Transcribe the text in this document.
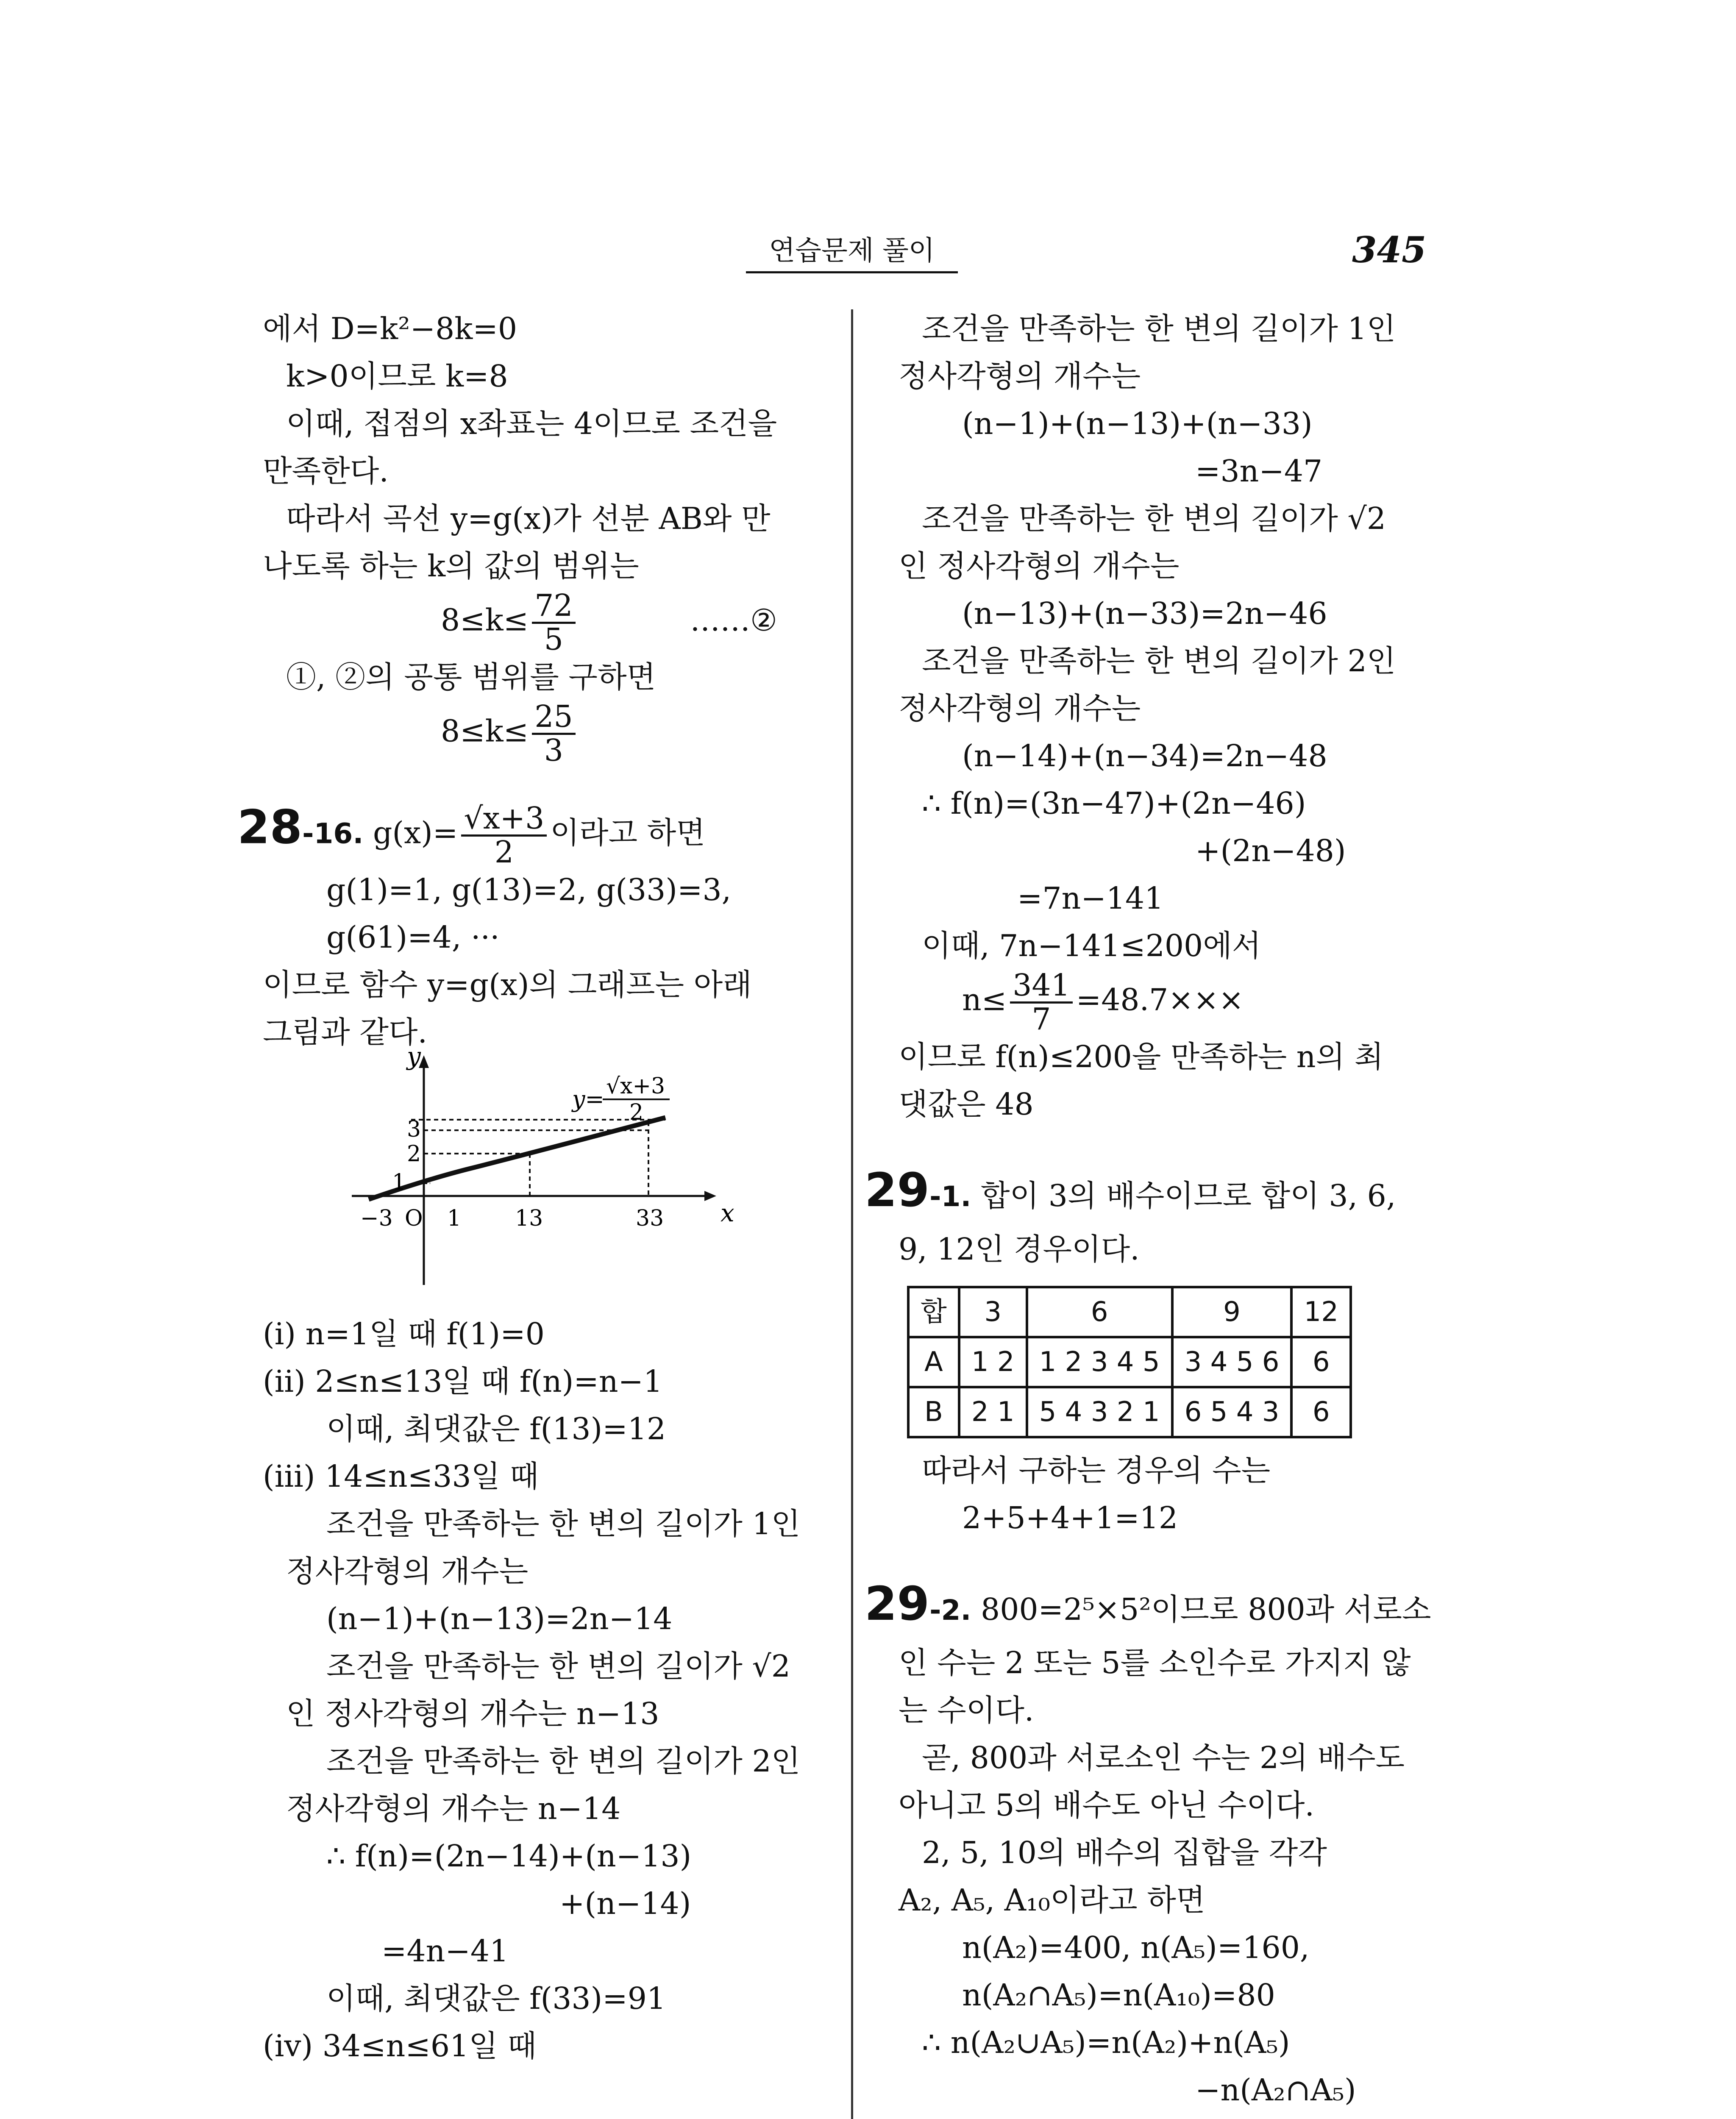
연습문제 풀이	345
에서 D=k²−8k=0
k>0이므로 k=8
이때, 접점의 x좌표는 4이므로 조건을
만족한다.
따라서 곡선 y=g(x)가 선분 AB와 만
나도록 하는 k의 값의 범위는
$8\le k\le \frac{72}{5}$	……②
①, ②의 공통 범위를 구하면
$8\le k\le \frac{25}{3}$
28-16. $g(x)= \frac{√x+3}{2}$ 이라고 하면
g(1)=1, g(13)=2, g(33)=3,
g(61)=4, ···
이므로 함수 y=g(x)의 그래프는 아래
그림과 같다.
y
x
3
2
1
−3 O 1 13	33
y= √x+3
2
(i) n=1일 때 f(1)=0
(ii) 2≤n≤13일 때 f(n)=n−1
이때, 최댓값은 f(13)=12
(iii) 14≤n≤33일 때
조건을 만족하는 한 변의 길이가 1인
정사각형의 개수는
(n−1)+(n−13)=2n−14
조건을 만족하는 한 변의 길이가 √2
인 정사각형의 개수는 n−13
조건을 만족하는 한 변의 길이가 2인
정사각형의 개수는 n−14
∴ f(n)=(2n−14)+(n−13)
+(n−14)
=4n−41
이때, 최댓값은 f(33)=91
(iv) 34≤n≤61일 때
조건을 만족하는 한 변의 길이가 1인
정사각형의 개수는
(n−1)+(n−13)+(n−33)
=3n−47
조건을 만족하는 한 변의 길이가 √2
인 정사각형의 개수는
(n−13)+(n−33)=2n−46
조건을 만족하는 한 변의 길이가 2인
정사각형의 개수는
(n−14)+(n−34)=2n−48
∴ f(n)=(3n−47)+(2n−46)
+(2n−48)
=7n−141
이때, 7n−141≤200에서
$n\le \frac{341}{7} =48.7\times\times\times$
이므로 f(n)≤200을 만족하는 n의 최
댓값은 48
29-1. 합이 3의 배수이므로 합이 3, 6,
9, 12인 경우이다.
합	3	6	9	12
A	1 2	1 2 3 4 5	3 4 5 6	6
B	2 1	5 4 3 2 1	6 5 4 3	6
따라서 구하는 경우의 수는
2+5+4+1=12
29-2. 800=2⁵×5²이므로 800과 서로소
인 수는 2 또는 5를 소인수로 가지지 않
는 수이다.
곧, 800과 서로소인 수는 2의 배수도
아니고 5의 배수도 아닌 수이다.
2, 5, 10의 배수의 집합을 각각
A₂, A₅, A₁₀이라고 하면
n(A₂)=400, n(A₅)=160,
n(A₂∩A₅)=n(A₁₀)=80
∴ n(A₂∪A₅)=n(A₂)+n(A₅)
−n(A₂∩A₅)
